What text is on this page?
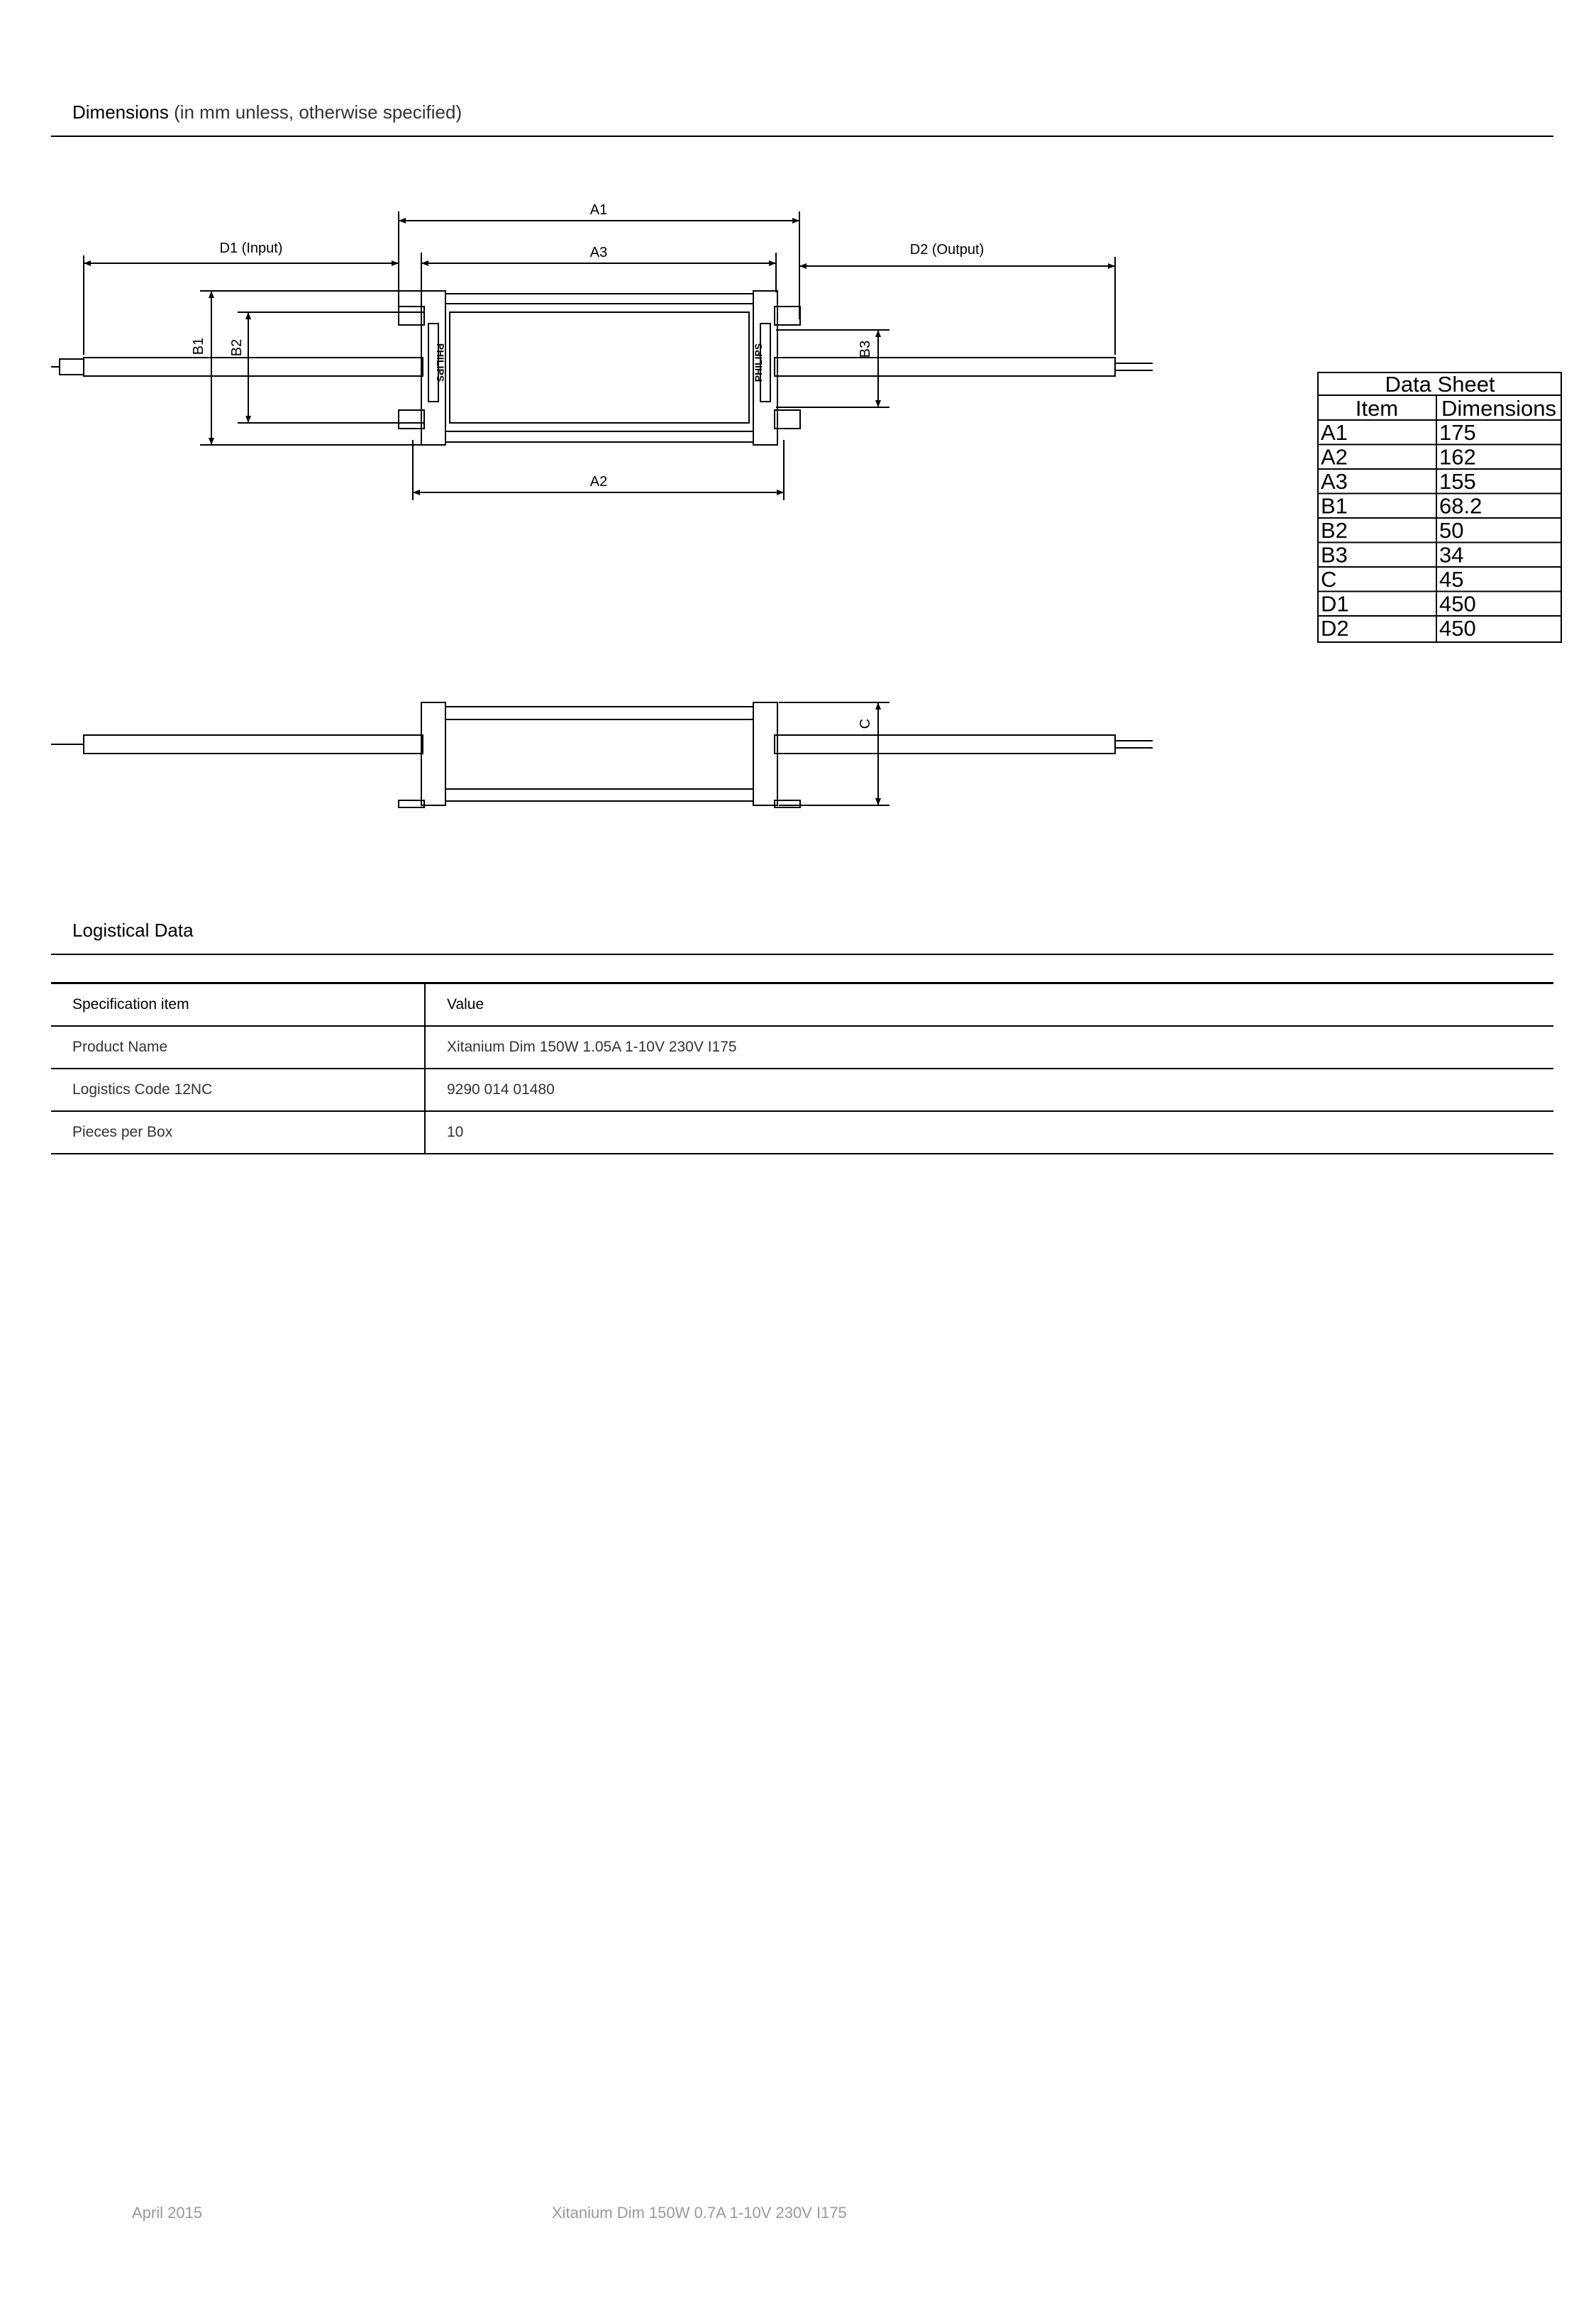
Dimensions (in mm unless, otherwise specified)
A1
A3
D1 (Input)	D2 (Output)
A2
B1 B2	B3
C
PHILIPS	PHILIPS
Data Sheet
Item Dimensions
A1	175
A2	162
A3	155
B1	68.2
B2	50
B3	34
C	45
D1	450
D2	450
Logistical Data
Specification item	Value
Product Name	Xitanium Dim 150W 1.05A 1-10V 230V I175
Logistics Code 12NC	9290 014 01480
Pieces per Box	10
April 2015	Xitanium Dim 150W 0.7A 1-10V 230V I175
